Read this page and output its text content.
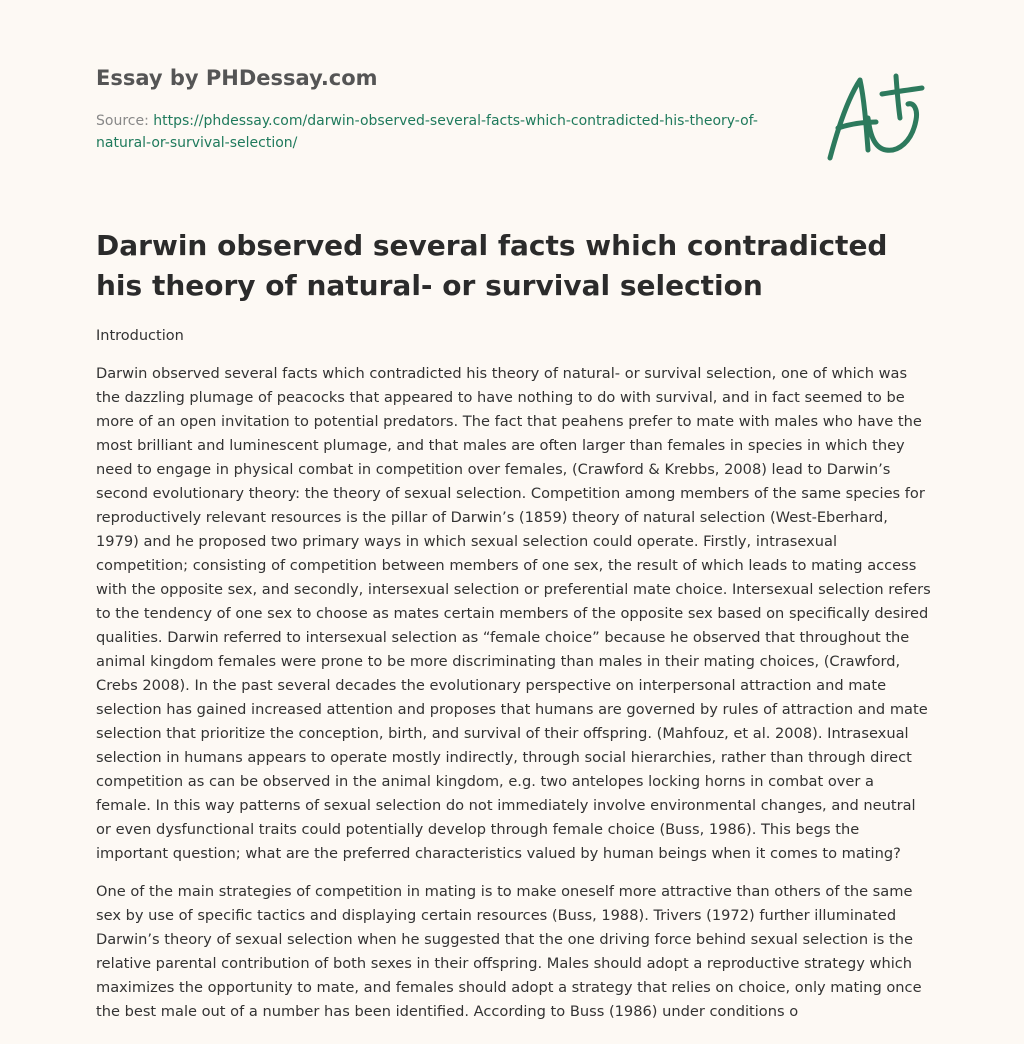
Essay by PHDessay.com

Source: https://phdessay.com/darwin-observed-several-facts-which-contradicted-his-theory-of-natural-or-survival-selection/
Darwin observed several facts which contradicted his theory of natural- or survival selection

Introduction

Darwin observed several facts which contradicted his theory of natural- or survival selection, one of which was the dazzling plumage of peacocks that appeared to have nothing to do with survival, and in fact seemed to be more of an open invitation to potential predators. The fact that peahens prefer to mate with males who have the most brilliant and luminescent plumage, and that males are often larger than females in species in which they need to engage in physical combat in competition over females, (Crawford & Krebbs, 2008) lead to Darwin’s second evolutionary theory: the theory of sexual selection. Competition among members of the same species for reproductively relevant resources is the pillar of Darwin’s (1859) theory of natural selection (West-Eberhard, 1979) and he proposed two primary ways in which sexual selection could operate. Firstly, intrasexual competition; consisting of competition between members of one sex, the result of which leads to mating access with the opposite sex, and secondly, intersexual selection or preferential mate choice. Intersexual selection refers to the tendency of one sex to choose as mates certain members of the opposite sex based on specifically desired qualities. Darwin referred to intersexual selection as “female choice” because he observed that throughout the animal kingdom females were prone to be more discriminating than males in their mating choices, (Crawford, Crebs 2008). In the past several decades the evolutionary perspective on interpersonal attraction and mate selection has gained increased attention and proposes that humans are governed by rules of attraction and mate selection that prioritize the conception, birth, and survival of their offspring. (Mahfouz, et al. 2008). Intrasexual selection in humans appears to operate mostly indirectly, through social hierarchies, rather than through direct competition as can be observed in the animal kingdom, e.g. two antelopes locking horns in combat over a female. In this way patterns of sexual selection do not immediately involve environmental changes, and neutral or even dysfunctional traits could potentially develop through female choice (Buss, 1986). This begs the important question; what are the preferred characteristics valued by human beings when it comes to mating?

One of the main strategies of competition in mating is to make oneself more attractive than others of the same sex by use of specific tactics and displaying certain resources (Buss, 1988). Trivers (1972) further illuminated Darwin’s theory of sexual selection when he suggested that the one driving force behind sexual selection is the relative parental contribution of both sexes in their offspring. Males should adopt a reproductive strategy which maximizes the opportunity to mate, and females should adopt a strategy that relies on choice, only mating once the best male out of a number has been identified. According to Buss (1986) under conditions o
